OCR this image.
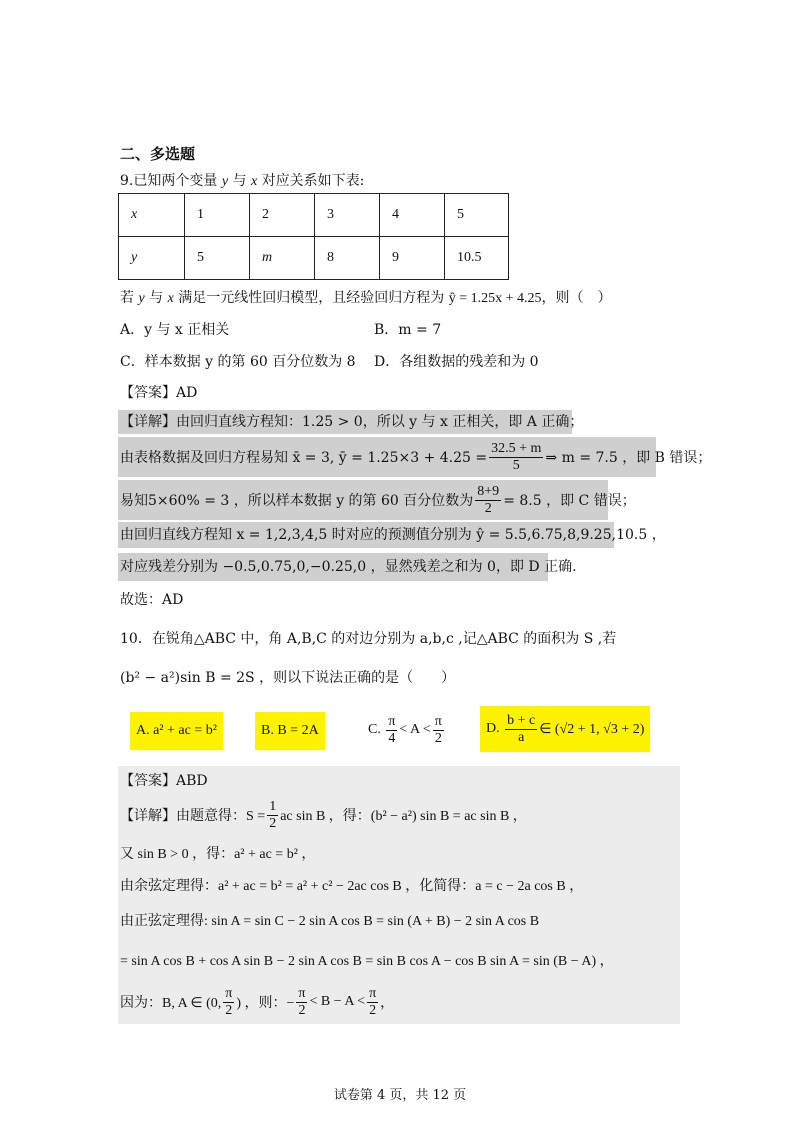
二、多选题
9.已知两个变量 y 与 x 对应关系如下表:
x	1	2	3	4	5
y	5	m	8	9	10.5
若 y 与 x 满足一元线性回归模型，且经验回归方程为 ŷ = 1.25x + 4.25，则（　）
A．y 与 x 正相关	B．m = 7
C．样本数据 y 的第 60 百分位数为 8 D．各组数据的残差和为 0
【答案】AD
【详解】由回归直线方程知：1.25 > 0，所以 y 与 x 正相关，即 A 正确；
由表格数据及回归方程易知 x̄ = 3, ȳ = $1.25\times 3 + 4.25 = \frac{32.5 + m}{5}$ ⇒ m = 7.5 ，即 B 错误；
易知5×60% = 3 ，所以样本数据 y 的第 60 百分位数为 $\frac{8+9}{2} = 8.5$ ，即 C 错误；
由回归直线方程知 x = 1,2,3,4,5 时对应的预测值分别为 ŷ = 5.5,6.75,8,9.25,10.5 ，
对应残差分别为 −0.5,0.75,0,−0.25,0 ，显然残差之和为 0，即 D 正确.
故选：AD
10．在锐角△ABC 中，角 A,B,C 的对边分别为 a,b,c ,记△ABC 的面积为 S ,若
(b² − a²)sin B = 2S ，则以下说法正确的是（　　）
A. a² + ac = b²	B. B = 2A	C.
$\frac{\pi}{4} < A < \frac{\pi}{2}$	D.
$\frac{b + c}{a}$ ∈ (√2 + 1, √3 + 2)
【答案】ABD
【详解】由题意得：$S = \frac{1}{2}$ ac sin B ，得：(b² − a²) sin B = ac sin B ，
又 sin B > 0 ，得：a² + ac = b² ，
由余弦定理得：a² + ac = b² = a² + c² − 2ac cos B ，化简得：a = c − 2a cos B ，
由正弦定理得: sin A = sin C − 2 sin A cos B = sin (A + B) − 2 sin A cos B
= sin A cos B + cos A sin B − 2 sin A cos B = sin B cos A − cos B sin A = sin (B − A) ，
因为：B, A ∈ (0, $\frac{\pi}{2}$ ) ，则：− $\frac{\pi}{2} < B - A < \frac{\pi}{2}$ ，
试卷第 4 页，共 12 页
